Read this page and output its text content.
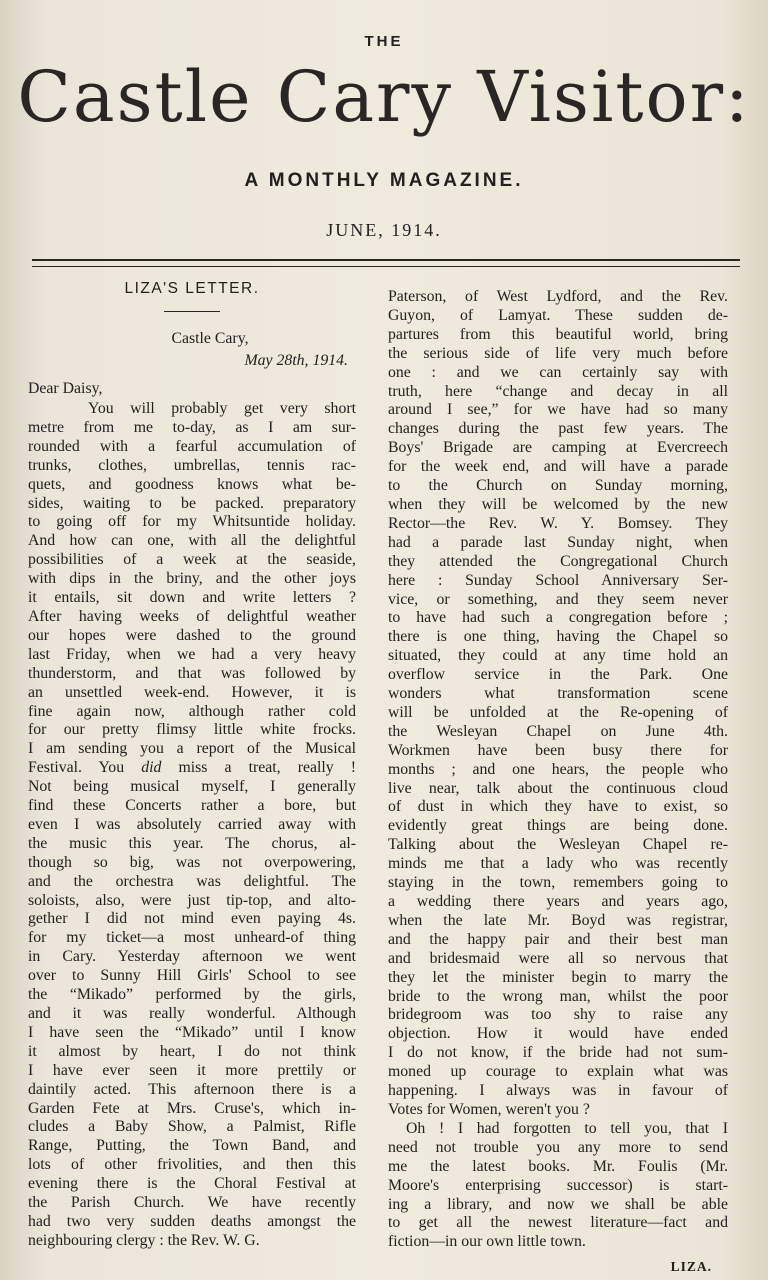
THE
Castle Cary Visitor:
A MONTHLY MAGAZINE.
JUNE, 1914.
LIZA'S LETTER.
Castle Cary,
May 28th, 1914.
Dear Daisy,
You will probably get very short
metre from me to-day, as I am sur-
rounded with a fearful accumulation of
trunks, clothes, umbrellas, tennis rac-
quets, and goodness knows what be-
sides, waiting to be packed. preparatory
to going off for my Whitsuntide holiday.
And how can one, with all the delightful
possibilities of a week at the seaside,
with dips in the briny, and the other joys
it entails, sit down and write letters ?
After having weeks of delightful weather
our hopes were dashed to the ground
last Friday, when we had a very heavy
thunderstorm, and that was followed by
an unsettled week-end. However, it is
fine again now, although rather cold
for our pretty flimsy little white frocks.
I am sending you a report of the Musical
Festival. You did miss a treat, really !
Not being musical myself, I generally
find these Concerts rather a bore, but
even I was absolutely carried away with
the music this year. The chorus, al-
though so big, was not overpowering,
and the orchestra was delightful. The
soloists, also, were just tip-top, and alto-
gether I did not mind even paying 4s.
for my ticket—a most unheard-of thing
in Cary. Yesterday afternoon we went
over to Sunny Hill Girls' School to see
the “Mikado” performed by the girls,
and it was really wonderful. Although
I have seen the “Mikado” until I know
it almost by heart, I do not think
I have ever seen it more prettily or
daintily acted. This afternoon there is a
Garden Fete at Mrs. Cruse's, which in-
cludes a Baby Show, a Palmist, Rifle
Range, Putting, the Town Band, and
lots of other frivolities, and then this
evening there is the Choral Festival at
the Parish Church. We have recently
had two very sudden deaths amongst the
neighbouring clergy : the Rev. W. G.
Paterson, of West Lydford, and the Rev.
Guyon, of Lamyat. These sudden de-
partures from this beautiful world, bring
the serious side of life very much before
one : and we can certainly say with
truth, here “change and decay in all
around I see,” for we have had so many
changes during the past few years. The
Boys' Brigade are camping at Evercreech
for the week end, and will have a parade
to the Church on Sunday morning,
when they will be welcomed by the new
Rector—the Rev. W. Y. Bomsey. They
had a parade last Sunday night, when
they attended the Congregational Church
here : Sunday School Anniversary Ser-
vice, or something, and they seem never
to have had such a congregation before ;
there is one thing, having the Chapel so
situated, they could at any time hold an
overflow service in the Park. One
wonders what transformation scene
will be unfolded at the Re-opening of
the Wesleyan Chapel on June 4th.
Workmen have been busy there for
months ; and one hears, the people who
live near, talk about the continuous cloud
of dust in which they have to exist, so
evidently great things are being done.
Talking about the Wesleyan Chapel re-
minds me that a lady who was recently
staying in the town, remembers going to
a wedding there years and years ago,
when the late Mr. Boyd was registrar,
and the happy pair and their best man
and bridesmaid were all so nervous that
they let the minister begin to marry the
bride to the wrong man, whilst the poor
bridegroom was too shy to raise any
objection. How it would have ended
I do not know, if the bride had not sum-
moned up courage to explain what was
happening. I always was in favour of
Votes for Women, weren't you ?
Oh ! I had forgotten to tell you, that I
need not trouble you any more to send
me the latest books. Mr. Foulis (Mr.
Moore's enterprising successor) is start-
ing a library, and now we shall be able
to get all the newest literature—fact and
fiction—in our own little town.
LIZA.
